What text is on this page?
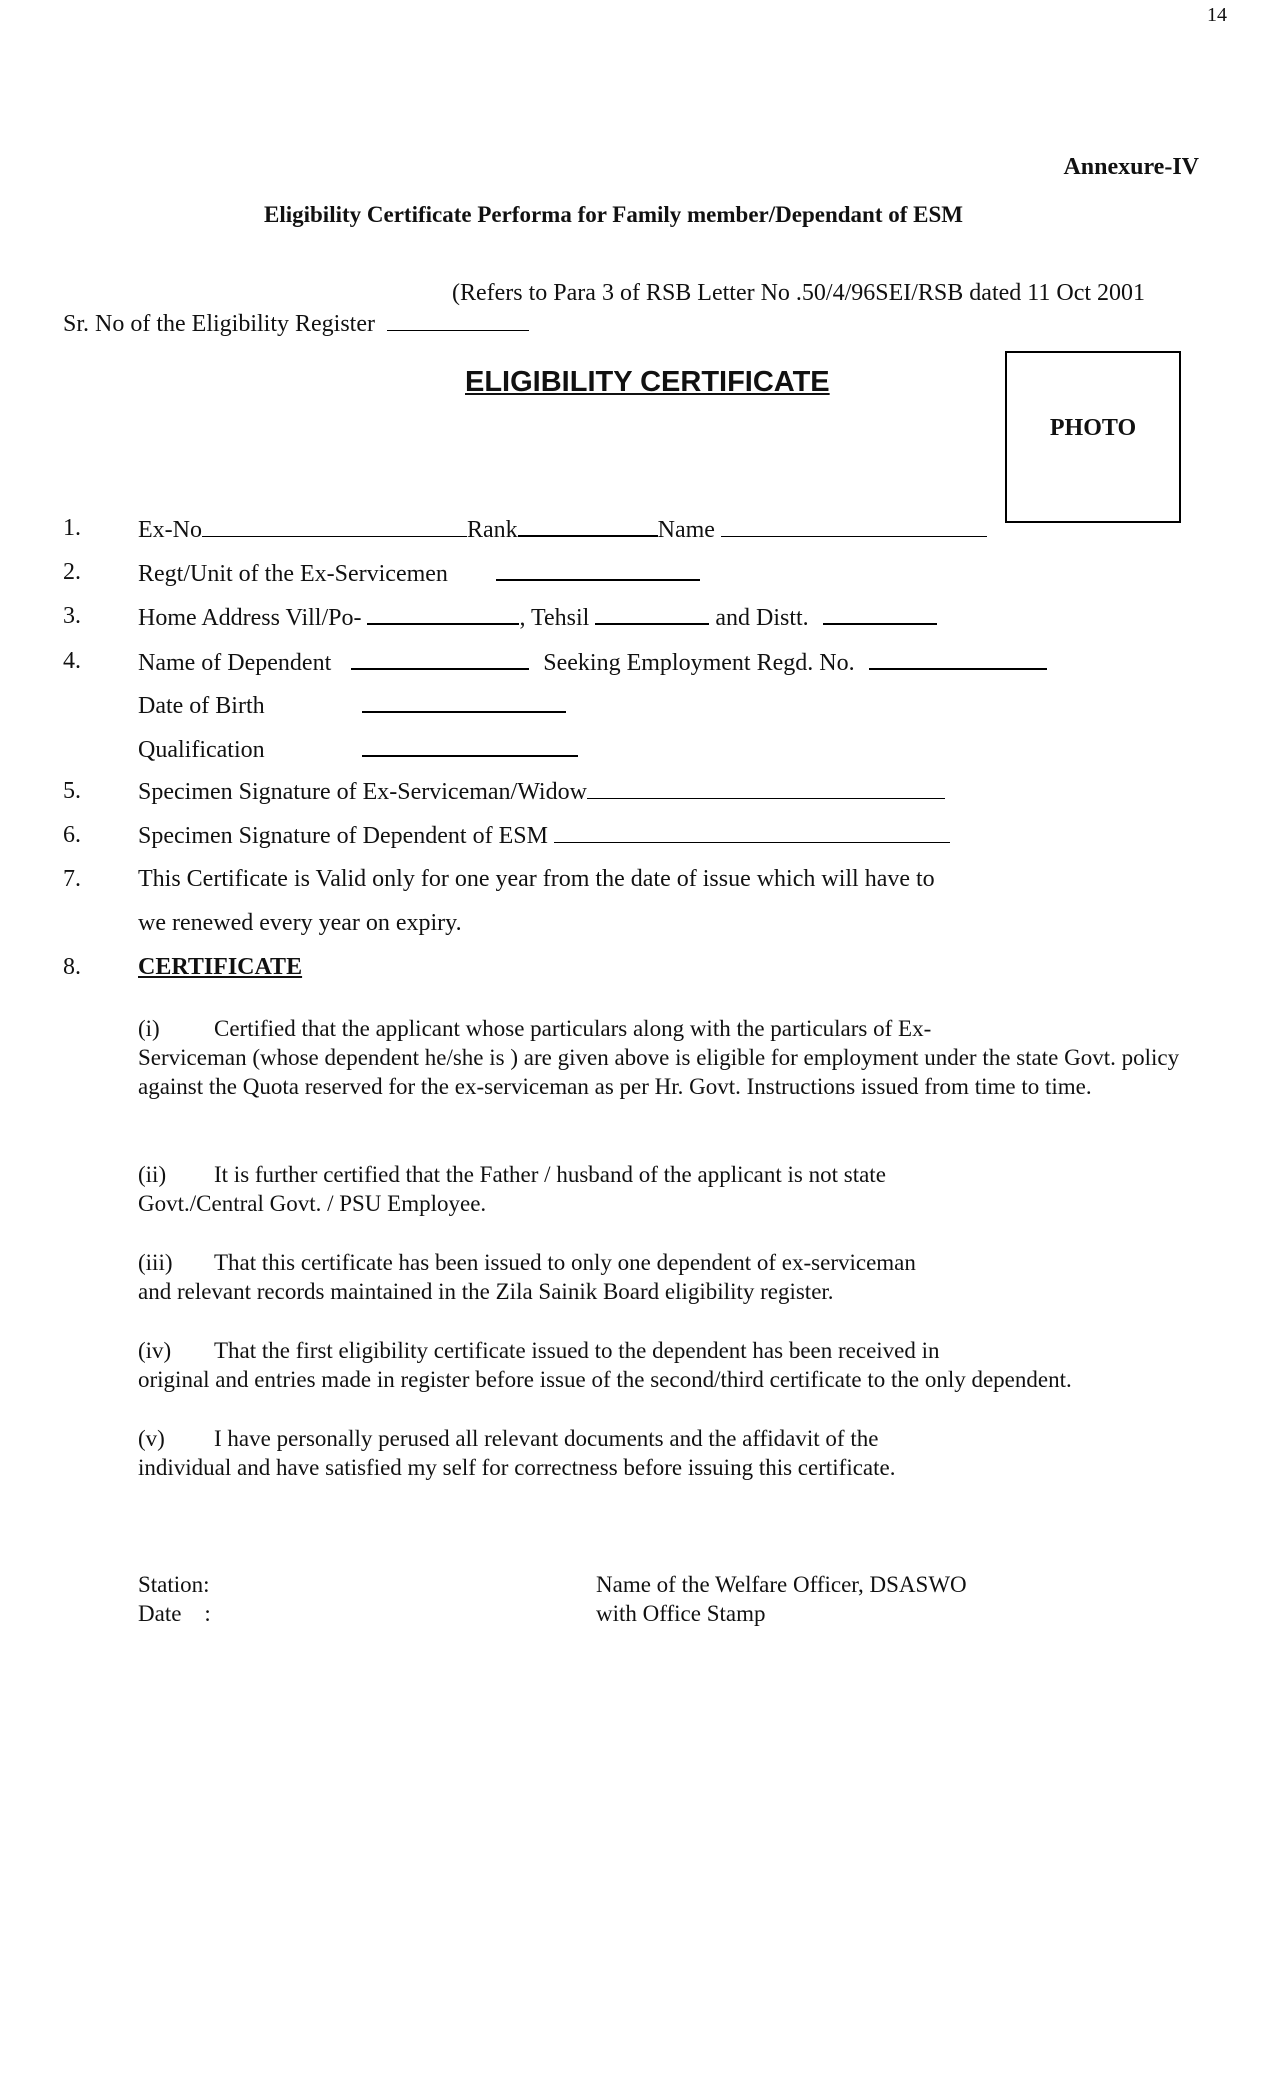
14
Annexure-IV
Eligibility Certificate Performa for Family member/Dependant of ESM
(Refers to Para 3 of RSB Letter No .50/4/96SEI/RSB dated 11 Oct 2001
Sr. No of the Eligibility Register
ELIGIBILITY CERTIFICATE
PHOTO
1. Ex-No	Rank	Name
2. Regt/Unit of the Ex-Servicemen
3. Home Address Vill/Po-	, Tehsil	and Distt.
4. Name of Dependent	Seeking Employment Regd. No.
Date of Birth
Qualification
5. Specimen Signature of Ex-Serviceman/Widow
6. Specimen Signature of Dependent of ESM
7. This Certificate is Valid only for one year from the date of issue which will have to
we renewed every year on expiry.
8. CERTIFICATE
(i) Certified that the applicant whose particulars along with the particulars of Ex-
Serviceman (whose dependent he/she is ) are given above is eligible for employment under the state Govt. policy against the Quota reserved for the ex-serviceman as per Hr. Govt. Instructions issued from time to time.
(ii) It is further certified that the Father / husband of the applicant is not state
Govt./Central Govt. / PSU Employee.
(iii) That this certificate has been issued to only one dependent of ex-serviceman
and relevant records maintained in the Zila Sainik Board eligibility register.
(iv) That the first eligibility certificate issued to the dependent has been received in
original and entries made in register before issue of the second/third certificate to the only dependent.
(v) I have personally perused all relevant documents and the affidavit of the
individual and have satisfied my self for correctness before issuing this certificate.
Station:
Date    :
Name of the Welfare Officer, DSASWO
with Office Stamp
